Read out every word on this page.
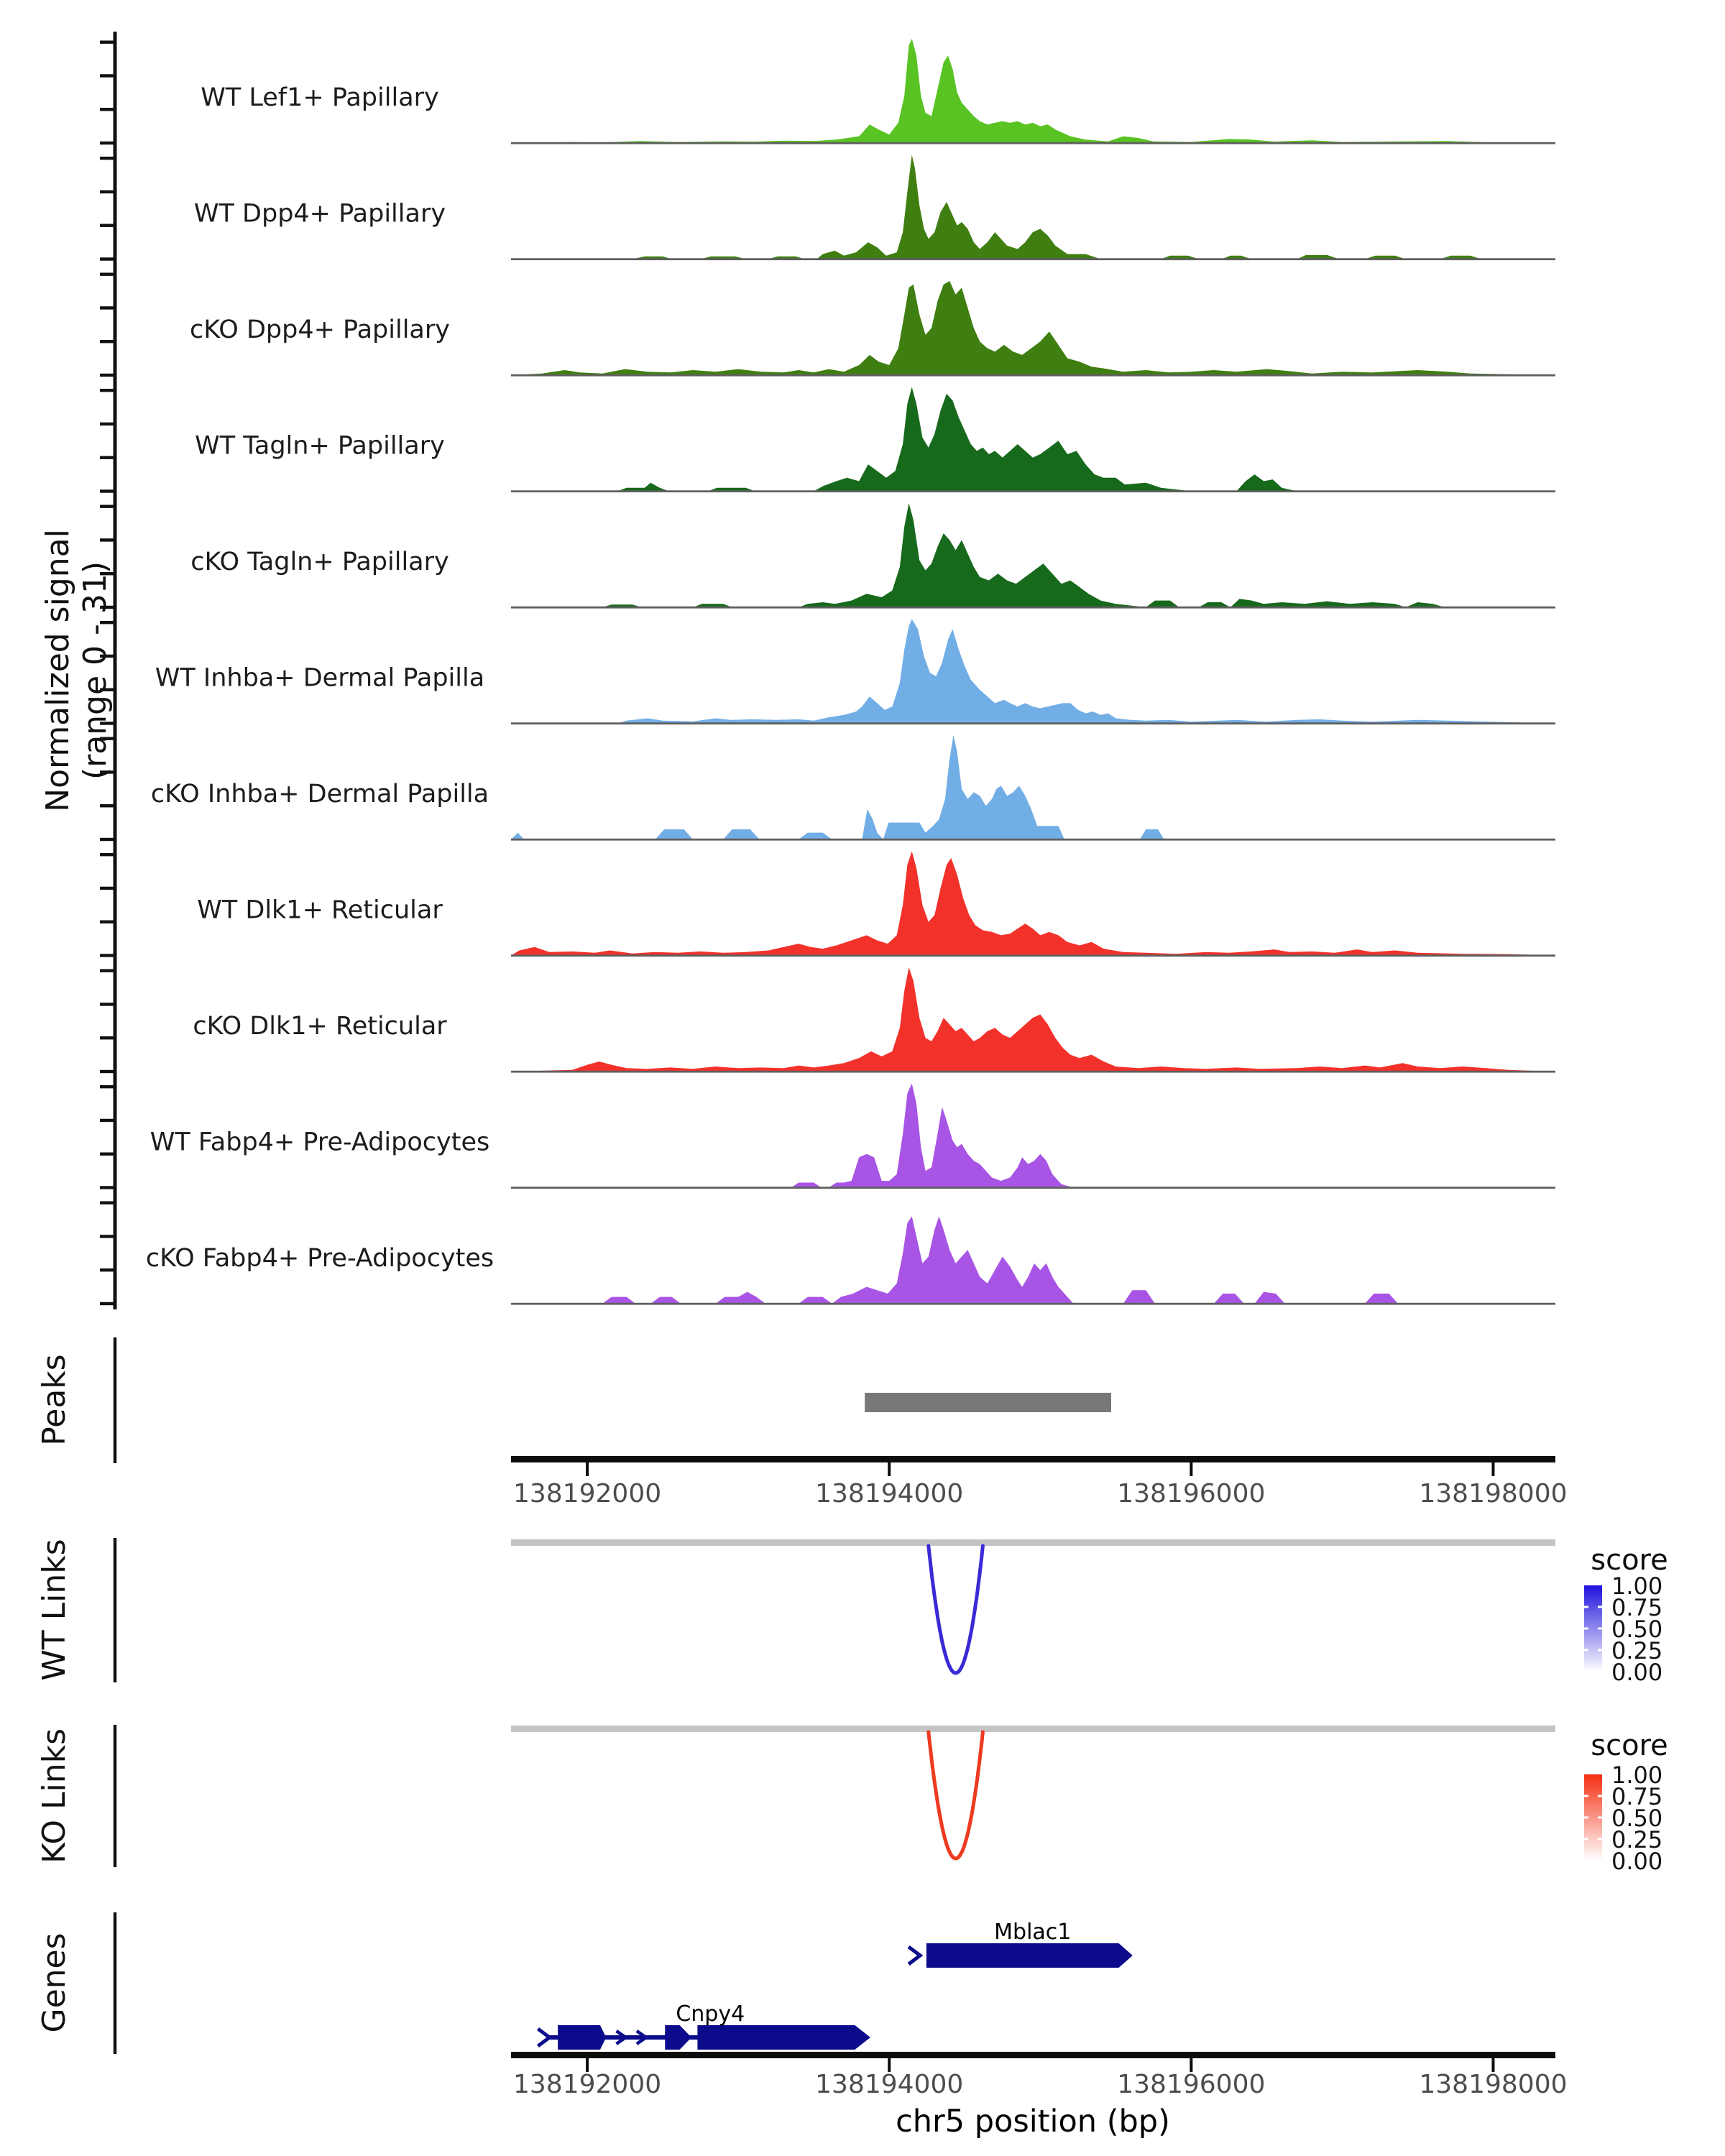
WT Lef1+ Papillary
WT Dpp4+ Papillary
cKO Dpp4+ Papillary
WT Tagln+ Papillary
cKO Tagln+ Papillary
WT Inhba+ Dermal Papilla
cKO Inhba+ Dermal Papilla
WT Dlk1+ Reticular
cKO Dlk1+ Reticular
WT Fabp4+ Pre-Adipocytes
cKO Fabp4+ Pre-Adipocytes
138192000	138194000	138196000	138198000
138192000	138194000	138196000	138198000
1.00
0.75
0.50
0.25
0.00
1.00
0.75
0.50
0.25
0.00
Mblac1
Cnpy4
Normalized signal (range 0 - 31)
Peaks
WT Links
KO Links
Genes
chr5 position (bp)
score
score
